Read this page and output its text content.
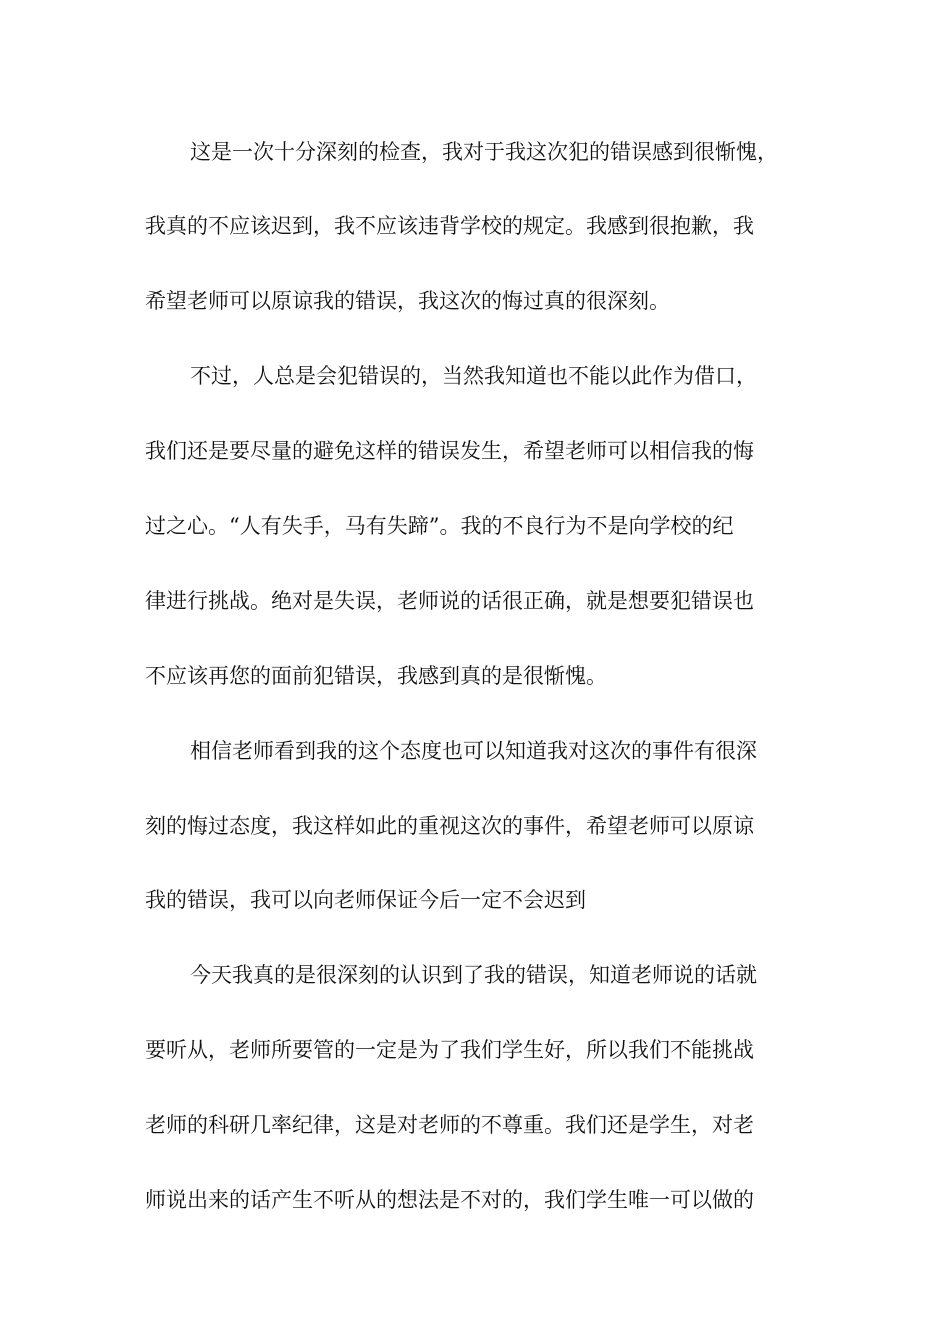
这是一次十分深刻的检查，我对于我这次犯的错误感到很惭愧，
我真的不应该迟到，我不应该违背学校的规定。我感到很抱歉，我
希望老师可以原谅我的错误，我这次的悔过真的很深刻。
不过，人总是会犯错误的，当然我知道也不能以此作为借口，
我们还是要尽量的避免这样的错误发生，希望老师可以相信我的悔
过之心。“人有失手，马有失蹄”。我的不良行为不是向学校的纪
律进行挑战。绝对是失误，老师说的话很正确，就是想要犯错误也
不应该再您的面前犯错误，我感到真的是很惭愧。
相信老师看到我的这个态度也可以知道我对这次的事件有很深
刻的悔过态度，我这样如此的重视这次的事件，希望老师可以原谅
我的错误，我可以向老师保证今后一定不会迟到
今天我真的是很深刻的认识到了我的错误，知道老师说的话就
要听从，老师所要管的一定是为了我们学生好，所以我们不能挑战
老师的科研几率纪律，这是对老师的不尊重。我们还是学生，对老
师说出来的话产生不听从的想法是不对的，我们学生唯一可以做的
